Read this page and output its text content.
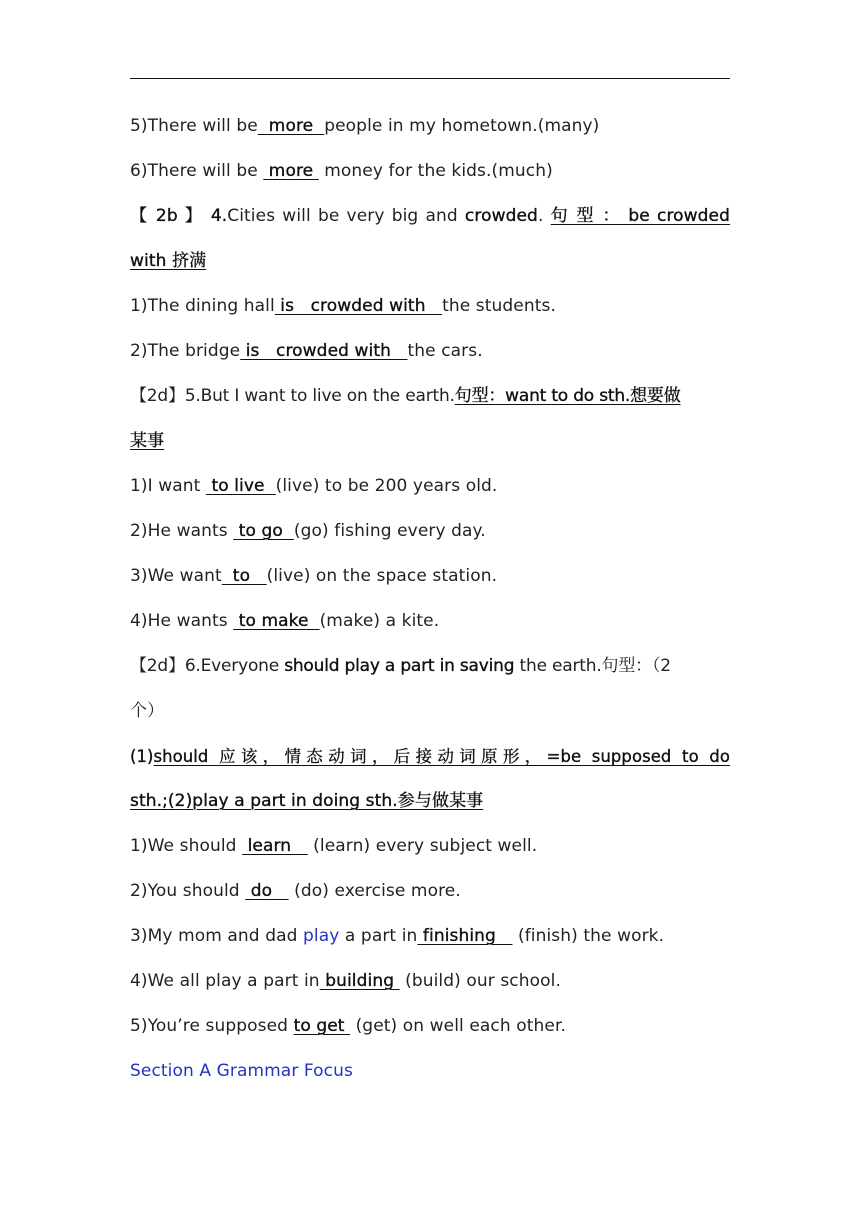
5)There will be  more  people in my hometown.(many)
6)There will be  more  money for the kids.(much)
【 2b 】 4.Cities will be very big and crowded. 句 型 ： be crowded
with 挤满
1)The dining hall is   crowded with   the students.
2)The bridge is   crowded with   the cars.
【2d】5.But I want to live on the earth.句型：want to do sth.想要做
某事
1)I want  to live  (live) to be 200 years old.
2)He wants  to go  (go) fishing every day.
3)We want  to   (live) on the space station.
4)He wants  to make  (make) a kite.
【2d】6.Everyone should play a part in saving the earth.句型：（2
个）
(1)should 应该，情态动词，后接动词原形，=be supposed to do
sth.;(2)play a part in doing sth.参与做某事
1)We should  learn    (learn) every subject well.
2)You should  do    (do) exercise more.
3)My mom and dad play a part in finishing    (finish) the work.
4)We all play a part in building  (build) our school.
5)You’re supposed to get  (get) on well each other.
Section A Grammar Focus
